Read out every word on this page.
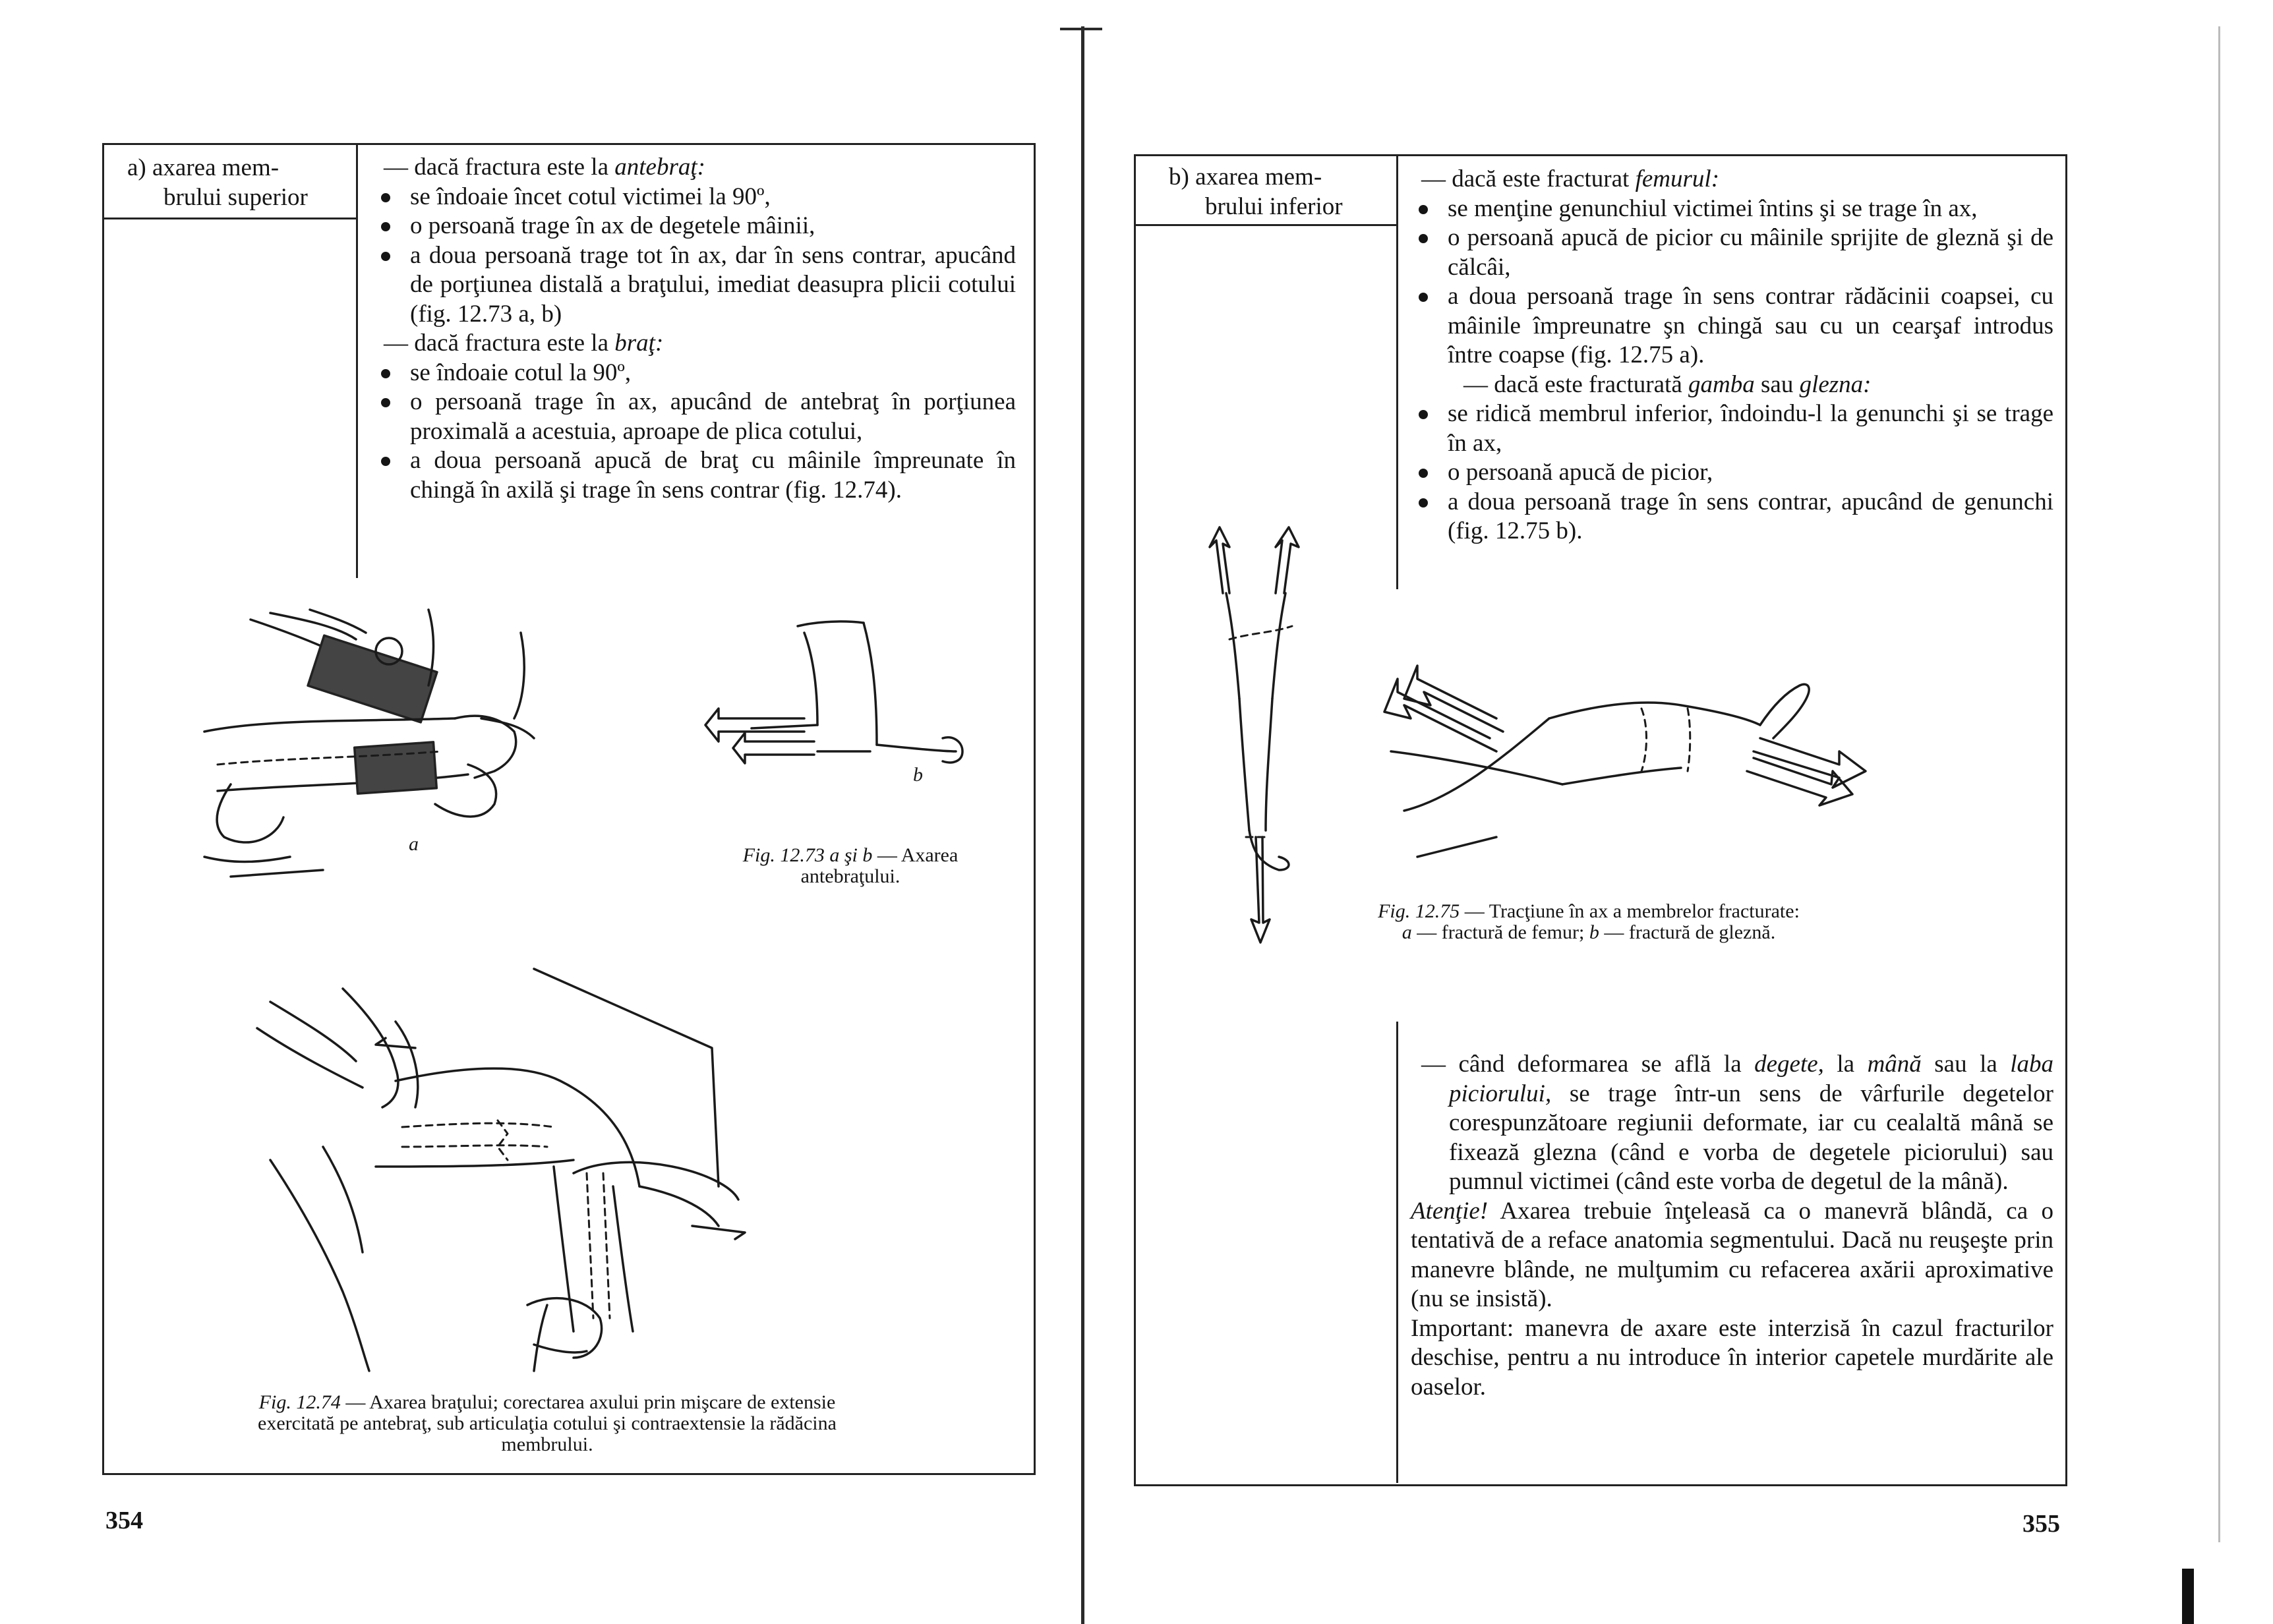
a) axarea mem-
brului superior

— dacă fractura este la antebraţ:

se îndoaie încet cotul victimei la 90º,

o persoană trage în ax de degetele mâinii,

a doua persoană trage tot în ax, dar în sens contrar, apucând de porţiunea distală a braţului, imediat deasupra plicii cotului (fig. 12.73 a, b)

— dacă fractura este la braţ:

se îndoaie cotul la 90º,

o persoană trage în ax, apucând de antebraţ în porţiunea proximală a acestuia, aproape de plica cotului,

a doua persoană apucă de braţ cu mâinile împreunate în chingă în axilă şi trage în sens contrar (fig. 12.74).

a
b
Fig. 12.73 a şi b — Axarea antebraţului.
Fig. 12.74 — Axarea braţului; corectarea axului prin mişcare de extensie exercitată pe antebraţ, sub articulaţia cotului şi contraextensie la rădăcina membrului.
354
b) axarea mem-
brului inferior

— dacă este fracturat femurul:

se menţine genunchiul victimei întins şi se trage în ax,

o persoană apucă de picior cu mâinile sprijite de gleznă şi de călcâi,

a doua persoană trage în sens contrar rădăcinii coapsei, cu mâinile împreunatre şn chingă sau cu un cearşaf introdus între coapse (fig. 12.75 a).

— dacă este fracturată gamba sau glezna:

se ridică membrul inferior, îndoindu-l la genunchi şi se trage în ax,

o persoană apucă de picior,

a doua persoană trage în sens contrar, apucând de genunchi (fig. 12.75 b).

Fig. 12.75 — Tracţiune în ax a membrelor fracturate:
a — fractură de femur; b — fractură de gleznă.

— când deformarea se află la degete, la mână sau la laba piciorului, se trage într-un sens de vârfurile degetelor corespunzătoare regiunii deformate, iar cu cealaltă mână se fixează glezna (când e vorba de degetele piciorului) sau pumnul victimei (când este vorba de degetul de la mână).

Atenţie! Axarea trebuie înţeleasă ca o manevră blândă, ca o tentativă de a reface anatomia segmentului. Dacă nu reuşeşte prin manevre blânde, ne mulţumim cu refacerea axării aproximative (nu se insistă).

Important: manevra de axare este interzisă în cazul fracturilor deschise, pentru a nu introduce în interior capetele murdărite ale oaselor.

355
